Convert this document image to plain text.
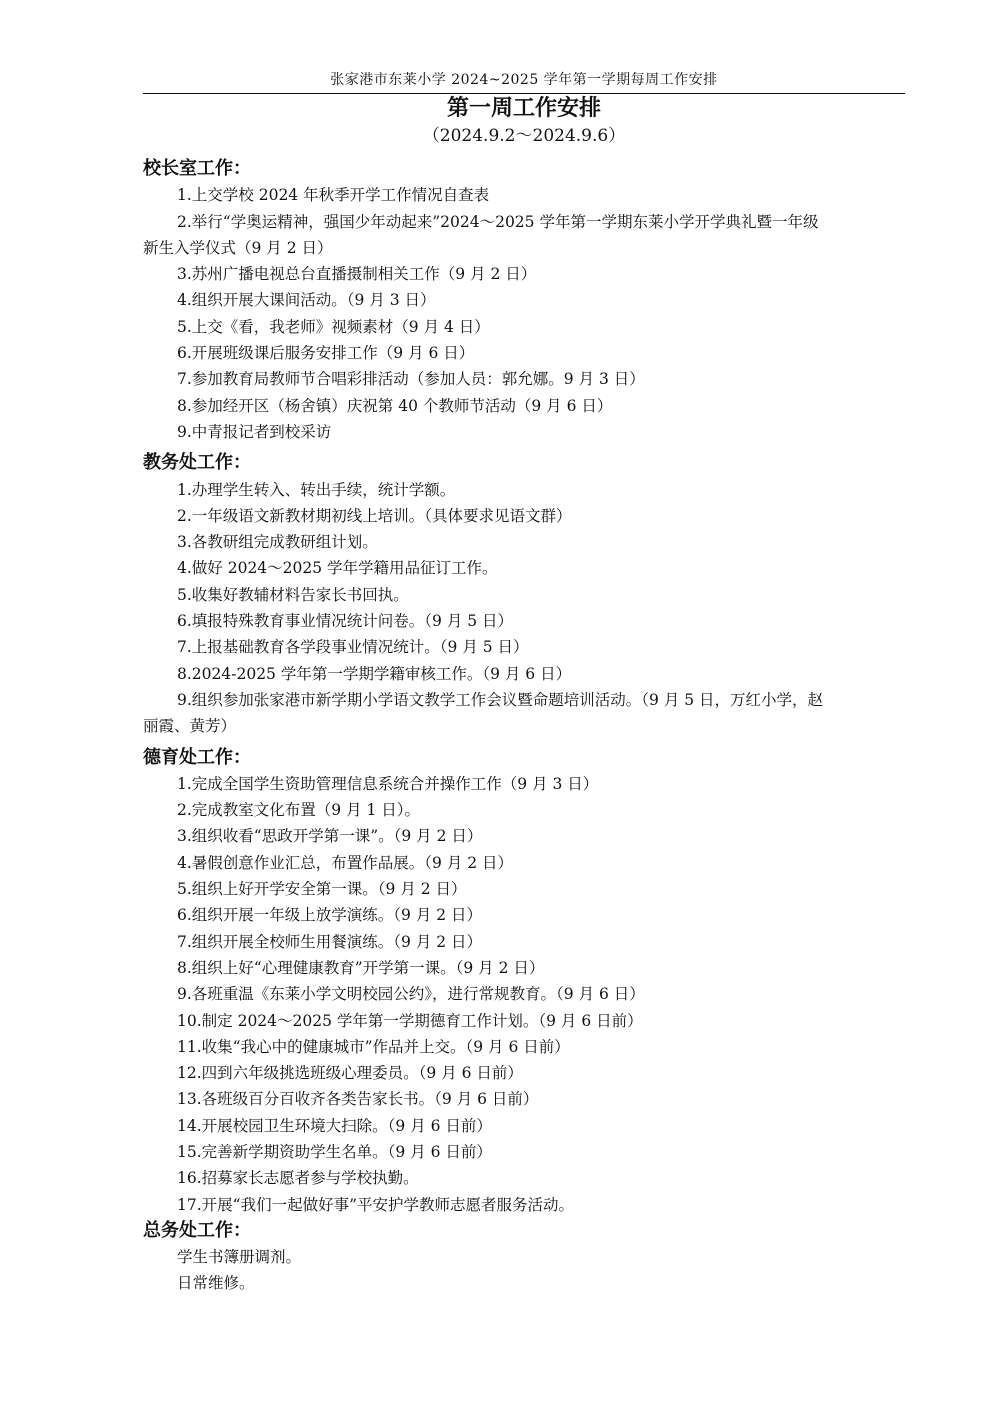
张家港市东莱小学 2024~2025 学年第一学期每周工作安排
第一周工作安排
（2024.9.2～2024.9.6）
校长室工作：
1.上交学校 2024 年秋季开学工作情况自查表
2.举行“学奥运精神，强国少年动起来”2024～2025 学年第一学期东莱小学开学典礼暨一年级
新生入学仪式（9 月 2 日）
3.苏州广播电视总台直播摄制相关工作（9 月 2 日）
4.组织开展大课间活动。（9 月 3 日）
5.上交《看，我老师》视频素材（9 月 4 日）
6.开展班级课后服务安排工作（9 月 6 日）
7.参加教育局教师节合唱彩排活动（参加人员：郭允娜。9 月 3 日）
8.参加经开区（杨舍镇）庆祝第 40 个教师节活动（9 月 6 日）
9.中青报记者到校采访
教务处工作：
1.办理学生转入、转出手续，统计学额。
2.一年级语文新教材期初线上培训。（具体要求见语文群）
3.各教研组完成教研组计划。
4.做好 2024～2025 学年学籍用品征订工作。
5.收集好教辅材料告家长书回执。
6.填报特殊教育事业情况统计问卷。（9 月 5 日）
7.上报基础教育各学段事业情况统计。（9 月 5 日）
8.2024-2025 学年第一学期学籍审核工作。（9 月 6 日）
9.组织参加张家港市新学期小学语文教学工作会议暨命题培训活动。（9 月 5 日，万红小学，赵
丽霞、黄芳）
德育处工作：
1.完成全国学生资助管理信息系统合并操作工作（9 月 3 日）
2.完成教室文化布置（9 月 1 日）。
3.组织收看“思政开学第一课”。（9 月 2 日）
4.暑假创意作业汇总，布置作品展。（9 月 2 日）
5.组织上好开学安全第一课。（9 月 2 日）
6.组织开展一年级上放学演练。（9 月 2 日）
7.组织开展全校师生用餐演练。（9 月 2 日）
8.组织上好“心理健康教育”开学第一课。（9 月 2 日）
9.各班重温《东莱小学文明校园公约》，进行常规教育。（9 月 6 日）
10.制定 2024～2025 学年第一学期德育工作计划。（9 月 6 日前）
11.收集“我心中的健康城市”作品并上交。（9 月 6 日前）
12.四到六年级挑选班级心理委员。（9 月 6 日前）
13.各班级百分百收齐各类告家长书。（9 月 6 日前）
14.开展校园卫生环境大扫除。（9 月 6 日前）
15.完善新学期资助学生名单。（9 月 6 日前）
16.招募家长志愿者参与学校执勤。
17.开展“我们一起做好事”平安护学教师志愿者服务活动。
总务处工作：
学生书簿册调剂。
日常维修。
